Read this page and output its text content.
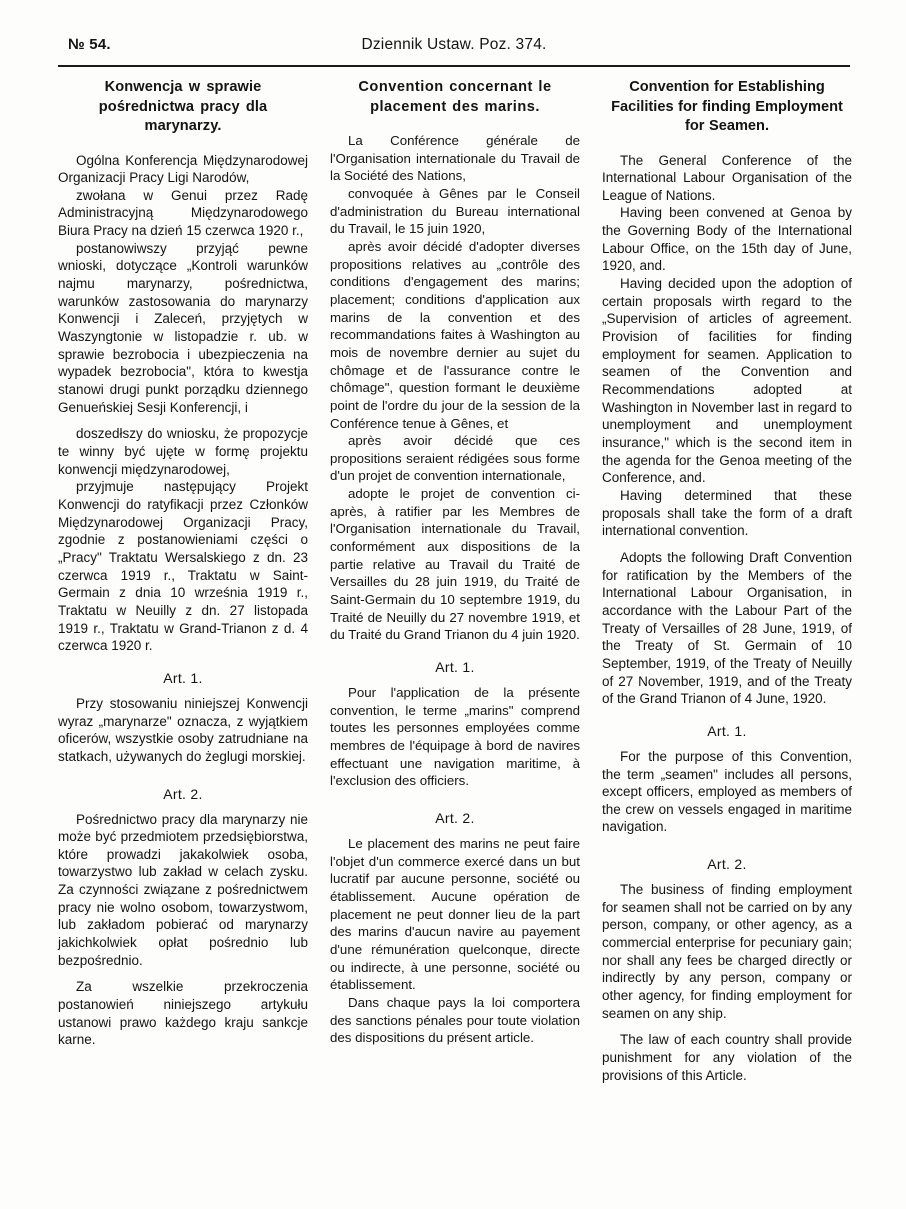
№ 54.	Dziennik Ustaw. Poz. 374.
Konwencja w sprawie pośrednictwa pracy dla marynarzy.

Ogólna Konferencja Międzynarodowej Organizacji Pracy Ligi Narodów,

zwołana w Genui przez Radę Administracyjną Międzynarodowego Biura Pracy na dzień 15 czerwca 1920 r.,

postanowiwszy przyjąć pewne wnioski, dotyczące „Kontroli warunków najmu marynarzy, pośrednictwa, warunków zastosowania do marynarzy Konwencji i Zaleceń, przyjętych w Waszyngtonie w listopadzie r. ub. w sprawie bezrobocia i ubezpieczenia na wypadek bezrobocia", która to kwestja stanowi drugi punkt porządku dziennego Genueńskiej Sesji Konferencji, i

doszedłszy do wniosku, że propozycje te winny być ujęte w formę projektu konwencji międzynarodowej,

przyjmuje następujący Projekt Konwencji do ratyfikacji przez Członków Międzynarodowej Organizacji Pracy, zgodnie z postanowieniami części o „Pracy" Traktatu Wersalskiego z dn. 23 czerwca 1919 r., Traktatu w Saint-Germain z dnia 10 września 1919 r., Traktatu w Neuilly z dn. 27 listopada 1919 r., Traktatu w Grand-Trianon z d. 4 czerwca 1920 r.

Art. 1.

Przy stosowaniu niniejszej Konwencji wyraz „marynarze" oznacza, z wyjątkiem oficerów, wszystkie osoby zatrudniane na statkach, używanych do żeglugi morskiej.

Art. 2.

Pośrednictwo pracy dla marynarzy nie może być przedmiotem przedsiębiorstwa, które prowadzi jakakolwiek osoba, towarzystwo lub zakład w celach zysku. Za czynności związane z pośrednictwem pracy nie wolno osobom, towarzystwom, lub zakładom pobierać od marynarzy jakichkolwiek opłat pośrednio lub bezpośrednio.

Za wszelkie przekroczenia postanowień niniejszego artykułu ustanowi prawo każdego kraju sankcje karne.

Convention concernant le placement des marins.

La Conférence générale de l'Organisation internationale du Travail de la Société des Nations,

convoquée à Gênes par le Conseil d'administration du Bureau international du Travail, le 15 juin 1920,

après avoir décidé d'adopter diverses propositions relatives au „contrôle des conditions d'engagement des marins; placement; conditions d'application aux marins de la convention et des recommandations faites à Washington au mois de novembre dernier au sujet du chômage et de l'assurance contre le chômage", question formant le deuxième point de l'ordre du jour de la session de la Conférence tenue à Gênes, et

après avoir décidé que ces propositions seraient rédigées sous forme d'un projet de convention internationale,

adopte le projet de convention ci-après, à ratifier par les Membres de l'Organisation internationale du Travail, conformément aux dispositions de la partie relative au Travail du Traité de Versailles du 28 juin 1919, du Traité de Saint-Germain du 10 septembre 1919, du Traité de Neuilly du 27 novembre 1919, et du Traité du Grand Trianon du 4 juin 1920.

Art. 1.

Pour l'application de la présente convention, le terme „marins" comprend toutes les personnes employées comme membres de l'équipage à bord de navires effectuant une navigation maritime, à l'exclusion des officiers.

Art. 2.

Le placement des marins ne peut faire l'objet d'un commerce exercé dans un but lucratif par aucune personne, société ou établissement. Aucune opération de placement ne peut donner lieu de la part des marins d'aucun navire au payement d'une rémunération quelconque, directe ou indirecte, à une personne, société ou établissement.

Dans chaque pays la loi comportera des sanctions pénales pour toute violation des dispositions du présent article.

Convention for Establishing Facilities for finding Employment for Seamen.

The General Conference of the International Labour Organisation of the League of Nations.

Having been convened at Genoa by the Governing Body of the International Labour Office, on the 15th day of June, 1920, and.

Having decided upon the adoption of certain proposals wirth regard to the „Supervision of articles of agreement. Provision of facilities for finding employment for seamen. Application to seamen of the Convention and Recommendations adopted at Washington in November last in regard to unemployment and unemployment insurance," which is the second item in the agenda for the Genoa meeting of the Conference, and.

Having determined that these proposals shall take the form of a draft international convention.

Adopts the following Draft Convention for ratification by the Members of the International Labour Organisation, in accordance with the Labour Part of the Treaty of Versailles of 28 June, 1919, of the Treaty of St. Germain of 10 September, 1919, of the Treaty of Neuilly of 27 November, 1919, and of the Treaty of the Grand Trianon of 4 June, 1920.

Art. 1.

For the purpose of this Convention, the term „seamen" includes all persons, except officers, employed as members of the crew on vessels engaged in maritime navigation.

Art. 2.

The business of finding employment for seamen shall not be carried on by any person, company, or other agency, as a commercial enterprise for pecuniary gain; nor shall any fees be charged directly or indirectly by any person, company or other agency, for finding employment for seamen on any ship.

The law of each country shall provide punishment for any violation of the provisions of this Article.
